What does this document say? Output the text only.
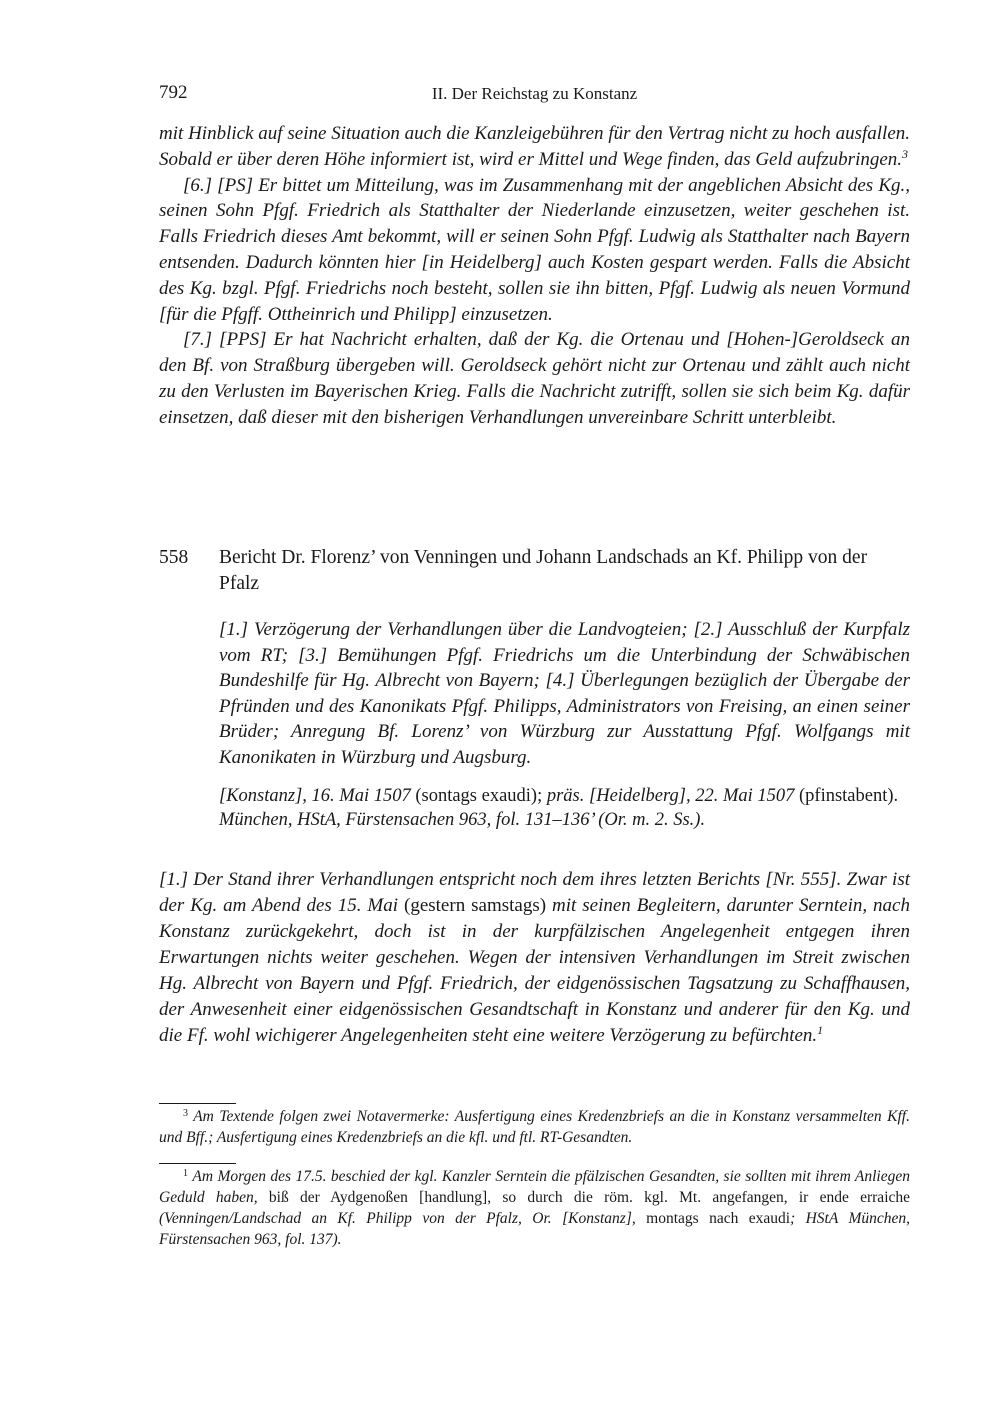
792	II. Der Reichstag zu Konstanz

mit Hinblick auf seine Situation auch die Kanzleigebühren für den Vertrag nicht zu hoch ausfallen. Sobald er über deren Höhe informiert ist, wird er Mittel und Wege finden, das Geld aufzubringen.$^3$

[6.] [PS] Er bittet um Mitteilung, was im Zusammenhang mit der angeblichen Absicht des Kg., seinen Sohn Pfgf. Friedrich als Statthalter der Niederlande einzusetzen, weiter geschehen ist. Falls Friedrich dieses Amt bekommt, will er seinen Sohn Pfgf. Ludwig als Statthalter nach Bayern entsenden. Dadurch könnten hier [in Heidelberg] auch Kosten gespart werden. Falls die Absicht des Kg. bzgl. Pfgf. Friedrichs noch besteht, sollen sie ihn bitten, Pfgf. Ludwig als neuen Vormund [für die Pfgff. Ottheinrich und Philipp] einzusetzen.

[7.] [PPS] Er hat Nachricht erhalten, daß der Kg. die Ortenau und [Hohen-]Geroldseck an den Bf. von Straßburg übergeben will. Geroldseck gehört nicht zur Ortenau und zählt auch nicht zu den Verlusten im Bayerischen Krieg. Falls die Nachricht zutrifft, sollen sie sich beim Kg. dafür einsetzen, daß dieser mit den bisherigen Verhandlungen unvereinbare Schritt unterbleibt.

558 Bericht Dr. Florenz’ von Venningen und Johann Landschads an Kf. Philipp von der Pfalz

[1.] Verzögerung der Verhandlungen über die Landvogteien; [2.] Ausschluß der Kurpfalz vom RT; [3.] Bemühungen Pfgf. Friedrichs um die Unterbindung der Schwäbischen Bundeshilfe für Hg. Albrecht von Bayern; [4.] Überlegungen bezüglich der Übergabe der Pfründen und des Kanonikats Pfgf. Philipps, Administrators von Freising, an einen seiner Brüder; Anregung Bf. Lorenz’ von Würzburg zur Ausstattung Pfgf. Wolfgangs mit Kanonikaten in Würzburg und Augsburg.

[Konstanz], 16. Mai 1507 (sontags exaudi); präs. [Heidelberg], 22. Mai 1507 (pfinstabent).

München, HStA, Fürstensachen 963, fol. 131–136’ (Or. m. 2. Ss.).

[1.] Der Stand ihrer Verhandlungen entspricht noch dem ihres letzten Berichts [Nr. 555]. Zwar ist der Kg. am Abend des 15. Mai (gestern samstags) mit seinen Begleitern, darunter Serntein, nach Konstanz zurückgekehrt, doch ist in der kurpfälzischen Angelegenheit entgegen ihren Erwartungen nichts weiter geschehen. Wegen der intensiven Verhandlungen im Streit zwischen Hg. Albrecht von Bayern und Pfgf. Friedrich, der eidgenössischen Tagsatzung zu Schaffhausen, der Anwesenheit einer eidgenössischen Gesandtschaft in Konstanz und anderer für den Kg. und die Ff. wohl wichigerer Angelegenheiten steht eine weitere Verzögerung zu befürchten.$^1$

$^3$ Am Textende folgen zwei Notavermerke: Ausfertigung eines Kredenzbriefs an die in Konstanz versammelten Kff. und Bff.; Ausfertigung eines Kredenzbriefs an die kfl. und ftl. RT-Gesandten.

$^1$ Am Morgen des 17.5. beschied der kgl. Kanzler Serntein die pfälzischen Gesandten, sie sollten mit ihrem Anliegen Geduld haben, biß der Aydgenoßen [handlung], so durch die röm. kgl. Mt. angefangen, ir ende erraiche (Venningen/Landschad an Kf. Philipp von der Pfalz, Or. [Konstanz], montags nach exaudi; HStA München, Fürstensachen 963, fol. 137).
